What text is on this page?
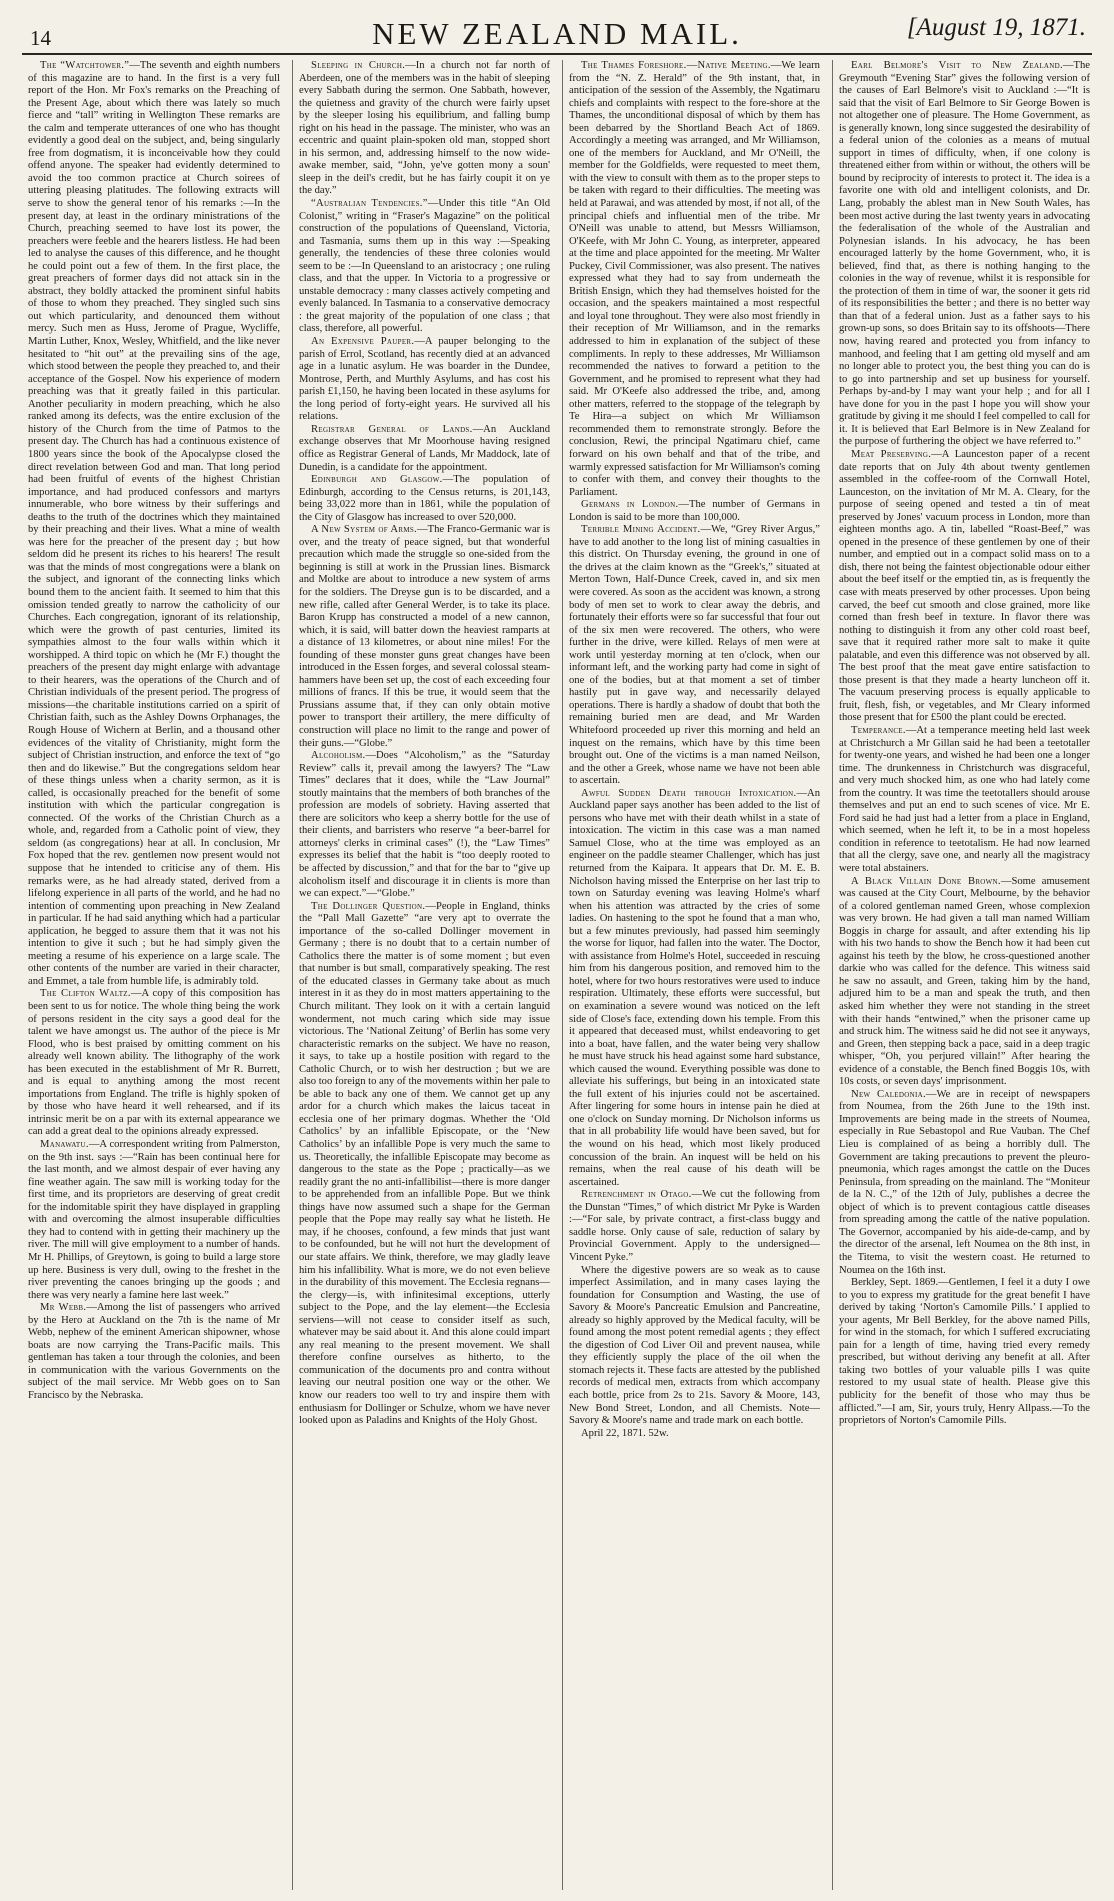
14	NEW ZEALAND MAIL.	[August 19, 1871.

The “Watchtower.”—The seventh and eighth numbers of this magazine are to hand. In the first is a very full report of the Hon. Mr Fox's remarks on the Preaching of the Present Age, about which there was lately so much fierce and “tall” writing in Wellington These remarks are the calm and temperate utterances of one who has thought evidently a good deal on the subject, and, being singularly free from dogmatism, it is inconceivable how they could offend anyone. The speaker had evidently determined to avoid the too common practice at Church soirees of uttering pleasing platitudes. The following extracts will serve to show the general tenor of his remarks :—In the present day, at least in the ordinary ministrations of the Church, preaching seemed to have lost its power, the preachers were feeble and the hearers listless. He had been led to analyse the causes of this difference, and he thought he could point out a few of them. In the first place, the great preachers of former days did not attack sin in the abstract, they boldly attacked the prominent sinful habits of those to whom they preached. They singled such sins out which particularity, and denounced them without mercy. Such men as Huss, Jerome of Prague, Wycliffe, Martin Luther, Knox, Wesley, Whitfield, and the like never hesitated to “hit out” at the prevailing sins of the age, which stood between the people they preached to, and their acceptance of the Gospel. Now his experience of modern preaching was that it greatly failed in this particular. Another peculiarity in modern preaching, which he also ranked among its defects, was the entire exclusion of the history of the Church from the time of Patmos to the present day. The Church has had a continuous existence of 1800 years since the book of the Apocalypse closed the direct revelation between God and man. That long period had been fruitful of events of the highest Christian importance, and had produced confessors and martyrs innumerable, who bore witness by their sufferings and deaths to the truth of the doctrines which they maintained by their preaching and their lives. What a mine of wealth was here for the preacher of the present day ; but how seldom did he present its riches to his hearers! The result was that the minds of most congregations were a blank on the subject, and ignorant of the connecting links which bound them to the ancient faith. It seemed to him that this omission tended greatly to narrow the catholicity of our Churches. Each congregation, ignorant of its relationship, which were the growth of past centuries, limited its sympathies almost to the four walls within which it worshipped. A third topic on which he (Mr F.) thought the preachers of the present day might enlarge with advantage to their hearers, was the operations of the Church and of Christian individuals of the present period. The progress of missions—the charitable institutions carried on a spirit of Christian faith, such as the Ashley Downs Orphanages, the Rough House of Wichern at Berlin, and a thousand other evidences of the vitality of Christianity, might form the subject of Christian instruction, and enforce the text of “go then and do likewise.” But the congregations seldom hear of these things unless when a charity sermon, as it is called, is occasionally preached for the benefit of some institution with which the particular congregation is connected. Of the works of the Christian Church as a whole, and, regarded from a Catholic point of view, they seldom (as congregations) hear at all. In conclusion, Mr Fox hoped that the rev. gentlemen now present would not suppose that he intended to criticise any of them. His remarks were, as he had already stated, derived from a lifelong experience in all parts of the world, and he had no intention of commenting upon preaching in New Zealand in particular. If he had said anything which had a particular application, he begged to assure them that it was not his intention to give it such ; but he had simply given the meeting a resume of his experience on a large scale. The other contents of the number are varied in their character, and Emmet, a tale from humble life, is admirably told.

The Clifton Waltz.—A copy of this composition has been sent to us for notice. The whole thing being the work of persons resident in the city says a good deal for the talent we have amongst us. The author of the piece is Mr Flood, who is best praised by omitting comment on his already well known ability. The lithography of the work has been executed in the establishment of Mr R. Burrett, and is equal to anything among the most recent importations from England. The trifle is highly spoken of by those who have heard it well rehearsed, and if its intrinsic merit be on a par with its external appearance we can add a great deal to the opinions already expressed.

Manawatu.—A correspondent writing from Palmerston, on the 9th inst. says :—“Rain has been continual here for the last month, and we almost despair of ever having any fine weather again. The saw mill is working today for the first time, and its proprietors are deserving of great credit for the indomitable spirit they have displayed in grappling with and overcoming the almost insuperable difficulties they had to contend with in getting their machinery up the river. The mill will give employment to a number of hands. Mr H. Phillips, of Greytown, is going to build a large store up here. Business is very dull, owing to the freshet in the river preventing the canoes bringing up the goods ; and there was very nearly a famine here last week.”

Mr Webb.—Among the list of passengers who arrived by the Hero at Auckland on the 7th is the name of Mr Webb, nephew of the eminent American shipowner, whose boats are now carrying the Trans-Pacific mails. This gentleman has taken a tour through the colonies, and been in communication with the various Governments on the subject of the mail service. Mr Webb goes on to San Francisco by the Nebraska.

Sleeping in Church.—In a church not far north of Aberdeen, one of the members was in the habit of sleeping every Sabbath during the sermon. One Sabbath, however, the quietness and gravity of the church were fairly upset by the sleeper losing his equilibrium, and falling bump right on his head in the passage. The minister, who was an eccentric and quaint plain-spoken old man, stopped short in his sermon, and, addressing himself to the now wide-awake member, said, “John, ye've gotten mony a soun' sleep in the deil's credit, but he has fairly coupit it on ye the day.”

“Australian Tendencies.”—Under this title “An Old Colonist,” writing in “Fraser's Magazine” on the political construction of the populations of Queensland, Victoria, and Tasmania, sums them up in this way :—Speaking generally, the tendencies of these three colonies would seem to be :—In Queensland to an aristocracy ; one ruling class, and that the upper. In Victoria to a progressive or unstable democracy : many classes actively competing and evenly balanced. In Tasmania to a conservative democracy : the great majority of the population of one class ; that class, therefore, all powerful.

An Expensive Pauper.—A pauper belonging to the parish of Errol, Scotland, has recently died at an advanced age in a lunatic asylum. He was boarder in the Dundee, Montrose, Perth, and Murthly Asylums, and has cost his parish £1,150, he having been located in these asylums for the long period of forty-eight years. He survived all his relations.

Registrar General of Lands.—An Auckland exchange observes that Mr Moorhouse having resigned office as Registrar General of Lands, Mr Maddock, late of Dunedin, is a candidate for the appointment.

Edinburgh and Glasgow.—The population of Edinburgh, according to the Census returns, is 201,143, being 33,022 more than in 1861, while the population of the City of Glasgow has increased to over 520,000.

A New System of Arms.—The Franco-Germanic war is over, and the treaty of peace signed, but that wonderful precaution which made the struggle so one-sided from the beginning is still at work in the Prussian lines. Bismarck and Moltke are about to introduce a new system of arms for the soldiers. The Dreyse gun is to be discarded, and a new rifle, called after General Werder, is to take its place. Baron Krupp has constructed a model of a new cannon, which, it is said, will batter down the heaviest ramparts at a distance of 13 kilometres, or about nine miles! For the founding of these monster guns great changes have been introduced in the Essen forges, and several colossal steam-hammers have been set up, the cost of each exceeding four millions of francs. If this be true, it would seem that the Prussians assume that, if they can only obtain motive power to transport their artillery, the mere difficulty of construction will place no limit to the range and power of their guns.—“Globe.”

Alcoholism.—Does “Alcoholism,” as the “Saturday Review” calls it, prevail among the lawyers? The “Law Times” declares that it does, while the “Law Journal” stoutly maintains that the members of both branches of the profession are models of sobriety. Having asserted that there are solicitors who keep a sherry bottle for the use of their clients, and barristers who reserve “a beer-barrel for attorneys' clerks in criminal cases” (!), the “Law Times” expresses its belief that the habit is “too deeply rooted to be affected by discussion,” and that for the bar to “give up alcoholism itself and discourage it in clients is more than we can expect.”—“Globe.”

The Dollinger Question.—People in England, thinks the “Pall Mall Gazette” “are very apt to overrate the importance of the so-called Dollinger movement in Germany ; there is no doubt that to a certain number of Catholics there the matter is of some moment ; but even that number is but small, comparatively speaking. The rest of the educated classes in Germany take about as much interest in it as they do in most matters appertaining to the Church militant. They look on it with a certain languid wonderment, not much caring which side may issue victorious. The ‘National Zeitung’ of Berlin has some very characteristic remarks on the subject. We have no reason, it says, to take up a hostile position with regard to the Catholic Church, or to wish her destruction ; but we are also too foreign to any of the movements within her pale to be able to back any one of them. We cannot get up any ardor for a church which makes the laicus taceat in ecclesia one of her primary dogmas. Whether the ‘Old Catholics’ by an infallible Episcopate, or the ‘New Catholics’ by an infallible Pope is very much the same to us. Theoretically, the infallible Episcopate may become as dangerous to the state as the Pope ; practically—as we readily grant the no anti-infallibilist—there is more danger to be apprehended from an infallible Pope. But we think things have now assumed such a shape for the German people that the Pope may really say what he listeth. He may, if he chooses, confound, a few minds that just want to be confounded, but he will not hurt the development of our state affairs. We think, therefore, we may gladly leave him his infallibility. What is more, we do not even believe in the durability of this movement. The Ecclesia regnans—the clergy—is, with infinitesimal exceptions, utterly subject to the Pope, and the lay element—the Ecclesia serviens—will not cease to consider itself as such, whatever may be said about it. And this alone could impart any real meaning to the present movement. We shall therefore confine ourselves as hitherto, to the communication of the documents pro and contra without leaving our neutral position one way or the other. We know our readers too well to try and inspire them with enthusiasm for Dollinger or Schulze, whom we have never looked upon as Paladins and Knights of the Holy Ghost.

The Thames Foreshore.—Native Meeting.—We learn from the “N. Z. Herald” of the 9th instant, that, in anticipation of the session of the Assembly, the Ngatimaru chiefs and complaints with respect to the fore-shore at the Thames, the unconditional disposal of which by them has been debarred by the Shortland Beach Act of 1869. Accordingly a meeting was arranged, and Mr Williamson, one of the members for Auckland, and Mr O'Neill, the member for the Goldfields, were requested to meet them, with the view to consult with them as to the proper steps to be taken with regard to their difficulties. The meeting was held at Parawai, and was attended by most, if not all, of the principal chiefs and influential men of the tribe. Mr O'Neill was unable to attend, but Messrs Williamson, O'Keefe, with Mr John C. Young, as interpreter, appeared at the time and place appointed for the meeting. Mr Walter Puckey, Civil Commissioner, was also present. The natives expressed what they had to say from underneath the British Ensign, which they had themselves hoisted for the occasion, and the speakers maintained a most respectful and loyal tone throughout. They were also most friendly in their reception of Mr Williamson, and in the remarks addressed to him in explanation of the subject of these compliments. In reply to these addresses, Mr Williamson recommended the natives to forward a petition to the Government, and he promised to represent what they had said. Mr O'Keefe also addressed the tribe, and, among other matters, referred to the stoppage of the telegraph by Te Hira—a subject on which Mr Williamson recommended them to remonstrate strongly. Before the conclusion, Rewi, the principal Ngatimaru chief, came forward on his own behalf and that of the tribe, and warmly expressed satisfaction for Mr Williamson's coming to confer with them, and convey their thoughts to the Parliament.

Germans in London.—The number of Germans in London is said to be more than 100,000.

Terrible Mining Accident.—We, “Grey River Argus,” have to add another to the long list of mining casualties in this district. On Thursday evening, the ground in one of the drives at the claim known as the “Greek's,” situated at Merton Town, Half-Dunce Creek, caved in, and six men were covered. As soon as the accident was known, a strong body of men set to work to clear away the debris, and fortunately their efforts were so far successful that four out of the six men were recovered. The others, who were further in the drive, were killed. Relays of men were at work until yesterday morning at ten o'clock, when our informant left, and the working party had come in sight of one of the bodies, but at that moment a set of timber hastily put in gave way, and necessarily delayed operations. There is hardly a shadow of doubt that both the remaining buried men are dead, and Mr Warden Whitefoord proceeded up river this morning and held an inquest on the remains, which have by this time been brought out. One of the victims is a man named Neilson, and the other a Greek, whose name we have not been able to ascertain.

Awful Sudden Death through Intoxication.—An Auckland paper says another has been added to the list of persons who have met with their death whilst in a state of intoxication. The victim in this case was a man named Samuel Close, who at the time was employed as an engineer on the paddle steamer Challenger, which has just returned from the Kaipara. It appears that Dr. M. E. B. Nicholson having missed the Enterprise on her last trip to town on Saturday evening was leaving Holme's wharf when his attention was attracted by the cries of some ladies. On hastening to the spot he found that a man who, but a few minutes previously, had passed him seemingly the worse for liquor, had fallen into the water. The Doctor, with assistance from Holme's Hotel, succeeded in rescuing him from his dangerous position, and removed him to the hotel, where for two hours restoratives were used to induce respiration. Ultimately, these efforts were successful, but on examination a severe wound was noticed on the left side of Close's face, extending down his temple. From this it appeared that deceased must, whilst endeavoring to get into a boat, have fallen, and the water being very shallow he must have struck his head against some hard substance, which caused the wound. Everything possible was done to alleviate his sufferings, but being in an intoxicated state the full extent of his injuries could not be ascertained. After lingering for some hours in intense pain he died at one o'clock on Sunday morning. Dr Nicholson informs us that in all probability life would have been saved, but for the wound on his head, which most likely produced concussion of the brain. An inquest will be held on his remains, when the real cause of his death will be ascertained.

Retrenchment in Otago.—We cut the following from the Dunstan “Times,” of which district Mr Pyke is Warden :—“For sale, by private contract, a first-class buggy and saddle horse. Only cause of sale, reduction of salary by Provincial Government. Apply to the undersigned—Vincent Pyke.”

Where the digestive powers are so weak as to cause imperfect Assimilation, and in many cases laying the foundation for Consumption and Wasting, the use of Savory & Moore's Pancreatic Emulsion and Pancreatine, already so highly approved by the Medical faculty, will be found among the most potent remedial agents ; they effect the digestion of Cod Liver Oil and prevent nausea, while they efficiently supply the place of the oil when the stomach rejects it. These facts are attested by the published records of medical men, extracts from which accompany each bottle, price from 2s to 21s. Savory & Moore, 143, New Bond Street, London, and all Chemists. Note—Savory & Moore's name and trade mark on each bottle.

April 22, 1871. 52w.

Earl Belmore's Visit to New Zealand.—The Greymouth “Evening Star” gives the following version of the causes of Earl Belmore's visit to Auckland :—“It is said that the visit of Earl Belmore to Sir George Bowen is not altogether one of pleasure. The Home Government, as is generally known, long since suggested the desirability of a federal union of the colonies as a means of mutual support in times of difficulty, when, if one colony is threatened either from within or without, the others will be bound by reciprocity of interests to protect it. The idea is a favorite one with old and intelligent colonists, and Dr. Lang, probably the ablest man in New South Wales, has been most active during the last twenty years in advocating the federalisation of the whole of the Australian and Polynesian islands. In his advocacy, he has been encouraged latterly by the home Government, who, it is believed, find that, as there is nothing hanging to the colonies in the way of revenue, whilst it is responsible for the protection of them in time of war, the sooner it gets rid of its responsibilities the better ; and there is no better way than that of a federal union. Just as a father says to his grown-up sons, so does Britain say to its offshoots—There now, having reared and protected you from infancy to manhood, and feeling that I am getting old myself and am no longer able to protect you, the best thing you can do is to go into partnership and set up business for yourself. Perhaps by-and-by I may want your help ; and for all I have done for you in the past I hope you will show your gratitude by giving it me should I feel compelled to call for it. It is believed that Earl Belmore is in New Zealand for the purpose of furthering the object we have referred to.”

Meat Preserving.—A Launceston paper of a recent date reports that on July 4th about twenty gentlemen assembled in the coffee-room of the Cornwall Hotel, Launceston, on the invitation of Mr M. A. Cleary, for the purpose of seeing opened and tested a tin of meat preserved by Jones' vacuum process in London, more than eighteen months ago. A tin, labelled “Roast-Beef,” was opened in the presence of these gentlemen by one of their number, and emptied out in a compact solid mass on to a dish, there not being the faintest objectionable odour either about the beef itself or the emptied tin, as is frequently the case with meats preserved by other processes. Upon being carved, the beef cut smooth and close grained, more like corned than fresh beef in texture. In flavor there was nothing to distinguish it from any other cold roast beef, save that it required rather more salt to make it quite palatable, and even this difference was not observed by all. The best proof that the meat gave entire satisfaction to those present is that they made a hearty luncheon off it. The vacuum preserving process is equally applicable to fruit, flesh, fish, or vegetables, and Mr Cleary informed those present that for £500 the plant could be erected.

Temperance.—At a temperance meeting held last week at Christchurch a Mr Gillan said he had been a teetotaller for twenty-one years, and wished he had been one a longer time. The drunkenness in Christchurch was disgraceful, and very much shocked him, as one who had lately come from the country. It was time the teetotallers should arouse themselves and put an end to such scenes of vice. Mr E. Ford said he had just had a letter from a place in England, which seemed, when he left it, to be in a most hopeless condition in reference to teetotalism. He had now learned that all the clergy, save one, and nearly all the magistracy were total abstainers.

A Black Villain Done Brown.—Some amusement was caused at the City Court, Melbourne, by the behavior of a colored gentleman named Green, whose complexion was very brown. He had given a tall man named William Boggis in charge for assault, and after extending his lip with his two hands to show the Bench how it had been cut against his teeth by the blow, he cross-questioned another darkie who was called for the defence. This witness said he saw no assault, and Green, taking him by the hand, adjured him to be a man and speak the truth, and then asked him whether they were not standing in the street with their hands “entwined,” when the prisoner came up and struck him. The witness said he did not see it anyways, and Green, then stepping back a pace, said in a deep tragic whisper, “Oh, you perjured villain!” After hearing the evidence of a constable, the Bench fined Boggis 10s, with 10s costs, or seven days' imprisonment.

New Caledonia.—We are in receipt of newspapers from Noumea, from the 26th June to the 19th inst. Improvements are being made in the streets of Noumea, especially in Rue Sebastopol and Rue Vauban. The Chef Lieu is complained of as being a horribly dull. The Government are taking precautions to prevent the pleuro-pneumonia, which rages amongst the cattle on the Duces Peninsula, from spreading on the mainland. The “Moniteur de la N. C.,” of the 12th of July, publishes a decree the object of which is to prevent contagious cattle diseases from spreading among the cattle of the native population. The Governor, accompanied by his aide-de-camp, and by the director of the arsenal, left Noumea on the 8th inst, in the Titema, to visit the western coast. He returned to Noumea on the 16th inst.

Berkley, Sept. 1869.—Gentlemen, I feel it a duty I owe to you to express my gratitude for the great benefit I have derived by taking ‘Norton's Camomile Pills.’ I applied to your agents, Mr Bell Berkley, for the above named Pills, for wind in the stomach, for which I suffered excruciating pain for a length of time, having tried every remedy prescribed, but without deriving any benefit at all. After taking two bottles of your valuable pills I was quite restored to my usual state of health. Please give this publicity for the benefit of those who may thus be afflicted.”—I am, Sir, yours truly, Henry Allpass.—To the proprietors of Norton's Camomile Pills.
